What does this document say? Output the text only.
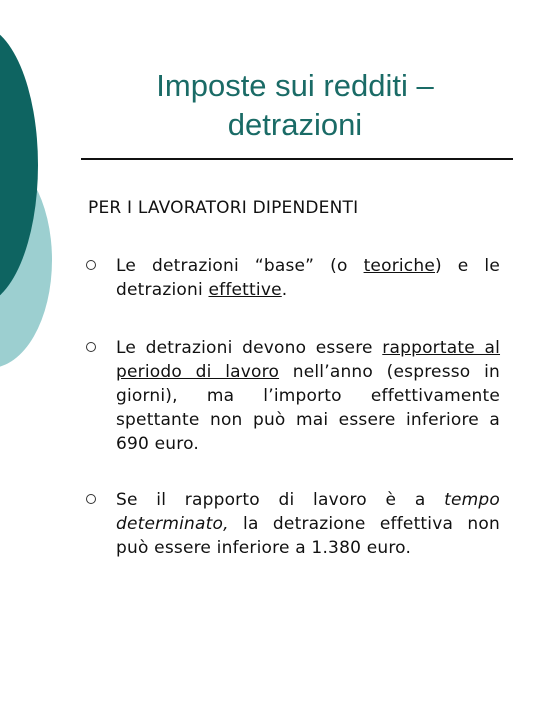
Imposte sui redditi –
detrazioni
PER I LAVORATORI DIPENDENTI
Le detrazioni “base” (o teoriche) e le detrazioni effettive.
Le detrazioni devono essere rapportate al periodo di lavoro nell’anno (espresso in giorni), ma l’importo effettivamente spettante non può mai essere inferiore a 690 euro.
Se il rapporto di lavoro è a tempo determinato, la detrazione effettiva non può essere inferiore a 1.380 euro.
